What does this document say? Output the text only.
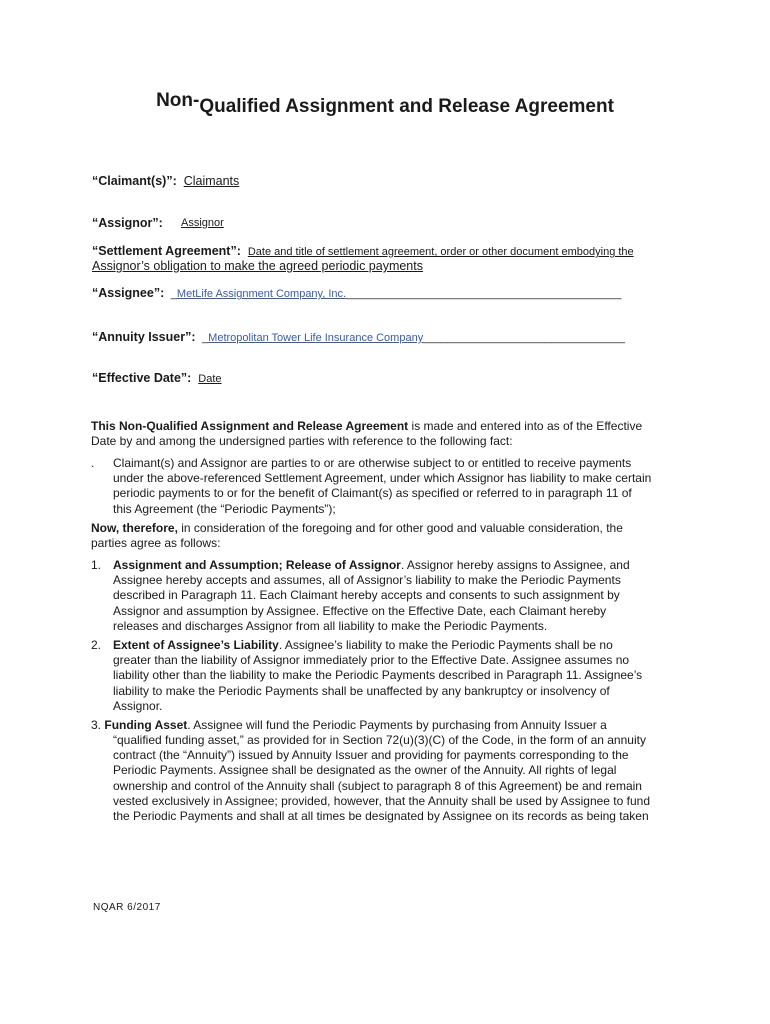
Non-Qualified Assignment and Release Agreement
“Claimant(s)”: Claimants
“Assignor”: Assignor
“Settlement Agreement”: Date and title of settlement agreement, order or other document embodying the
Assignor’s obligation to make the agreed periodic payments
“Assignee”: _MetLife Assignment Company, Inc._____________________________________________
“Annuity Issuer”: _Metropolitan Tower Life Insurance Company_________________________________
“Effective Date”: Date
This Non-Qualified Assignment and Release Agreement is made and entered into as of the Effective
Date by and among the undersigned parties with reference to the following fact:
. Claimant(s) and Assignor are parties to or are otherwise subject to or entitled to receive payments
under the above-referenced Settlement Agreement, under which Assignor has liability to make certain
periodic payments to or for the benefit of Claimant(s) as specified or referred to in paragraph 11 of
this Agreement (the “Periodic Payments”);
Now, therefore, in consideration of the foregoing and for other good and valuable consideration, the
parties agree as follows:
1. Assignment and Assumption; Release of Assignor. Assignor hereby assigns to Assignee, and
Assignee hereby accepts and assumes, all of Assignor’s liability to make the Periodic Payments
described in Paragraph 11. Each Claimant hereby accepts and consents to such assignment by
Assignor and assumption by Assignee. Effective on the Effective Date, each Claimant hereby
releases and discharges Assignor from all liability to make the Periodic Payments.
2. Extent of Assignee’s Liability. Assignee’s liability to make the Periodic Payments shall be no
greater than the liability of Assignor immediately prior to the Effective Date. Assignee assumes no
liability other than the liability to make the Periodic Payments described in Paragraph 11. Assignee’s
liability to make the Periodic Payments shall be unaffected by any bankruptcy or insolvency of
Assignor.
3. Funding Asset. Assignee will fund the Periodic Payments by purchasing from Annuity Issuer a
“qualified funding asset,” as provided for in Section 72(u)(3)(C) of the Code, in the form of an annuity
contract (the “Annuity”) issued by Annuity Issuer and providing for payments corresponding to the
Periodic Payments. Assignee shall be designated as the owner of the Annuity. All rights of legal
ownership and control of the Annuity shall (subject to paragraph 8 of this Agreement) be and remain
vested exclusively in Assignee; provided, however, that the Annuity shall be used by Assignee to fund
the Periodic Payments and shall at all times be designated by Assignee on its records as being taken
NQAR 6/2017
